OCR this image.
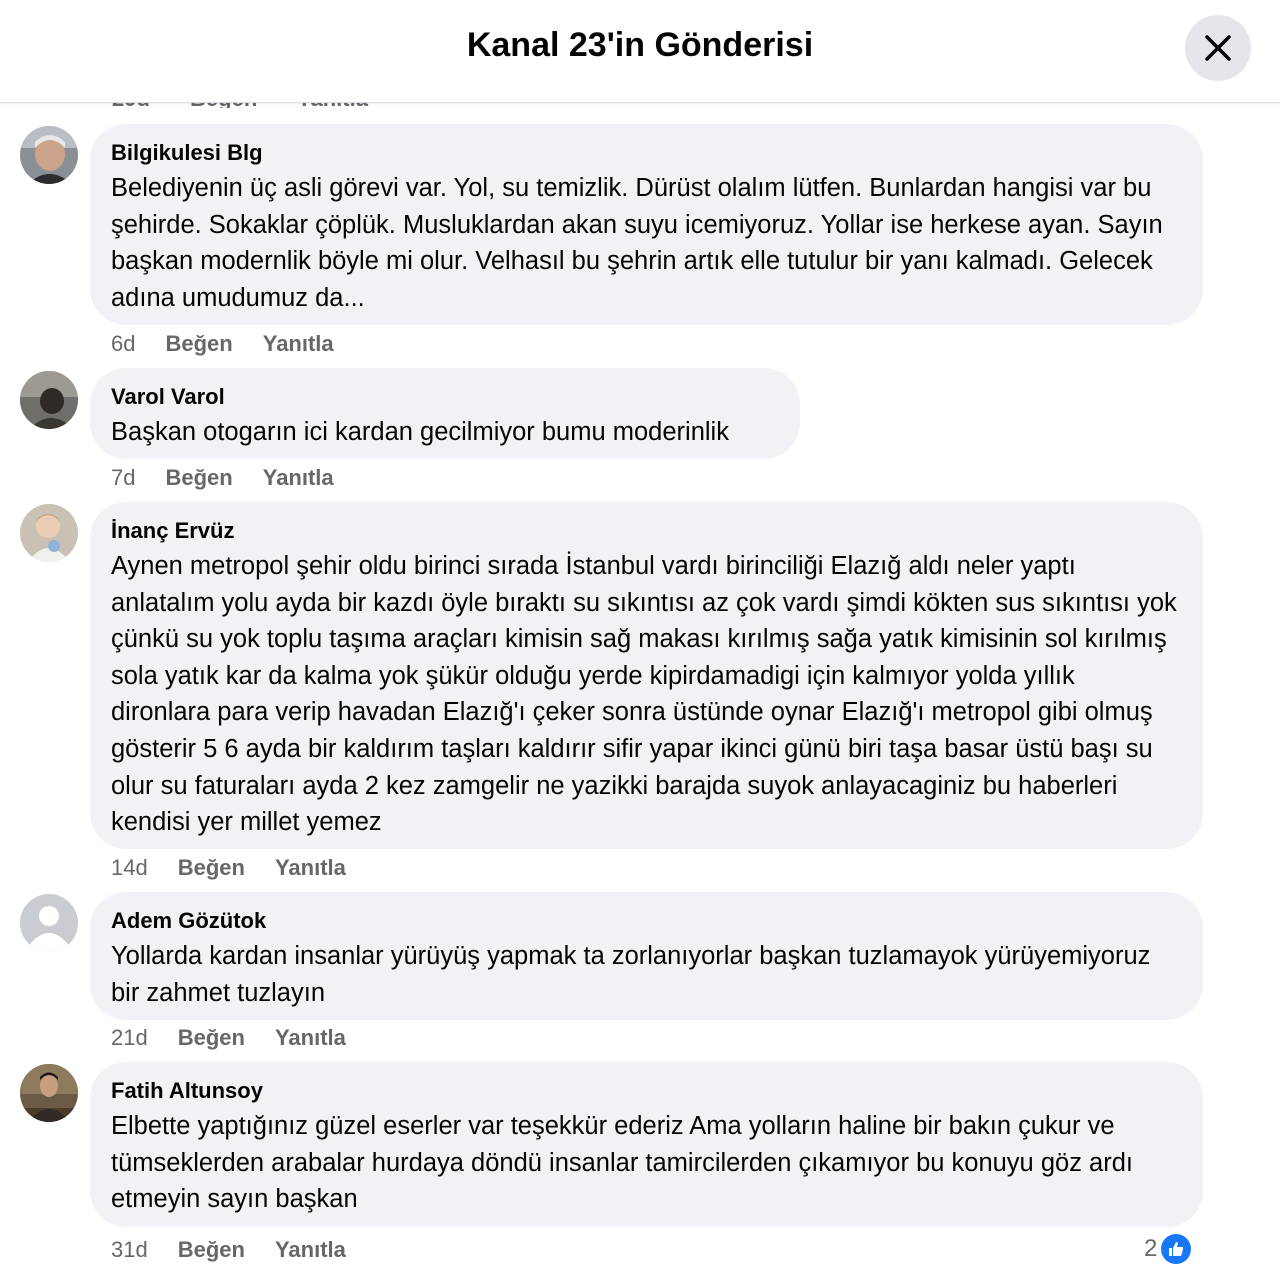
Kanal 23'in Gönderisi
Bilgikulesi Blg
Belediyenin üç asli görevi var. Yol, su temizlik. Dürüst olalım lütfen. Bunlardan hangisi var bu şehirde. Sokaklar çöplük. Musluklardan akan suyu icemiyoruz. Yollar ise herkese ayan. Sayın başkan modernlik böyle mi olur. Velhasıl bu şehrin artık elle tutulur bir yanı kalmadı. Gelecek adına umudumuz da...
6d Beğen Yanıtla
Varol Varol
Başkan otogarın ici kardan gecilmiyor bumu moderinlik
7d Beğen Yanıtla
İnanç Ervüz
Aynen metropol şehir oldu birinci sırada İstanbul vardı birinciliği Elazığ aldı neler yaptı anlatalım yolu ayda bir kazdı öyle bıraktı su sıkıntısı az çok vardı şimdi kökten sus sıkıntısı yok çünkü su yok toplu taşıma araçları kimisin sağ makası kırılmış sağa yatık kimisinin sol kırılmış sola yatık kar da kalma yok şükür olduğu yerde kipirdamadigi için kalmıyor yolda yıllık dironlara para verip havadan Elazığ'ı çeker sonra üstünde oynar Elazığ'ı metropol gibi olmuş gösterir 5 6 ayda bir kaldırım taşları kaldırır sifir yapar ikinci günü biri taşa basar üstü başı su olur su faturaları ayda 2 kez zamgelir ne yazikki barajda suyok anlayacaginiz bu haberleri kendisi yer millet yemez
14d Beğen Yanıtla
Adem Gözütok
Yollarda kardan insanlar yürüyüş yapmak ta zorlanıyorlar başkan tuzlamayok yürüyemiyoruz bir zahmet tuzlayın
21d Beğen Yanıtla
Fatih Altunsoy
Elbette yaptığınız güzel eserler var teşekkür ederiz Ama yolların haline bir bakın çukur ve tümseklerden arabalar hurdaya döndü insanlar tamircilerden çıkamıyor bu konuyu göz ardı etmeyin sayın başkan
31d Beğen Yanıtla	2
